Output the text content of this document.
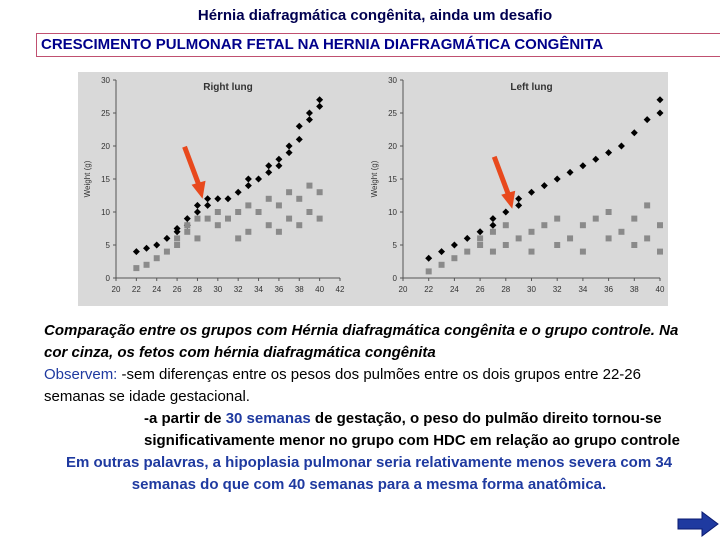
Hérnia diafragmática congênita, ainda um desafio
CRESCIMENTO PULMONAR FETAL NA HERNIA DIAFRAGMÁTICA CONGÊNITA
0
5
10
15
20
25
30
20 22 24 26 28 30 32 34 36 38 40 42
Right lung
Weight (g)
0
5
10
15
20
25
30
20 22 24 26 28 30 32 34 36 38 40
Left lung
Weight (g)
Comparação entre os grupos com Hérnia diafragmática congênita e o grupo controle. Na cor cinza, os fetos com hérnia diafragmática congênita
Observem: -sem diferenças entre os pesos dos pulmões entre os dois grupos entre 22-26 semanas se idade gestacional.
-a partir de 30 semanas de gestação, o peso do pulmão direito tornou-se significativamente menor no grupo com HDC em relação ao grupo controle
Em outras palavras, a hipoplasia pulmonar seria relativamente menos severa com 34 semanas do que com 40 semanas para a mesma forma anatômica.
